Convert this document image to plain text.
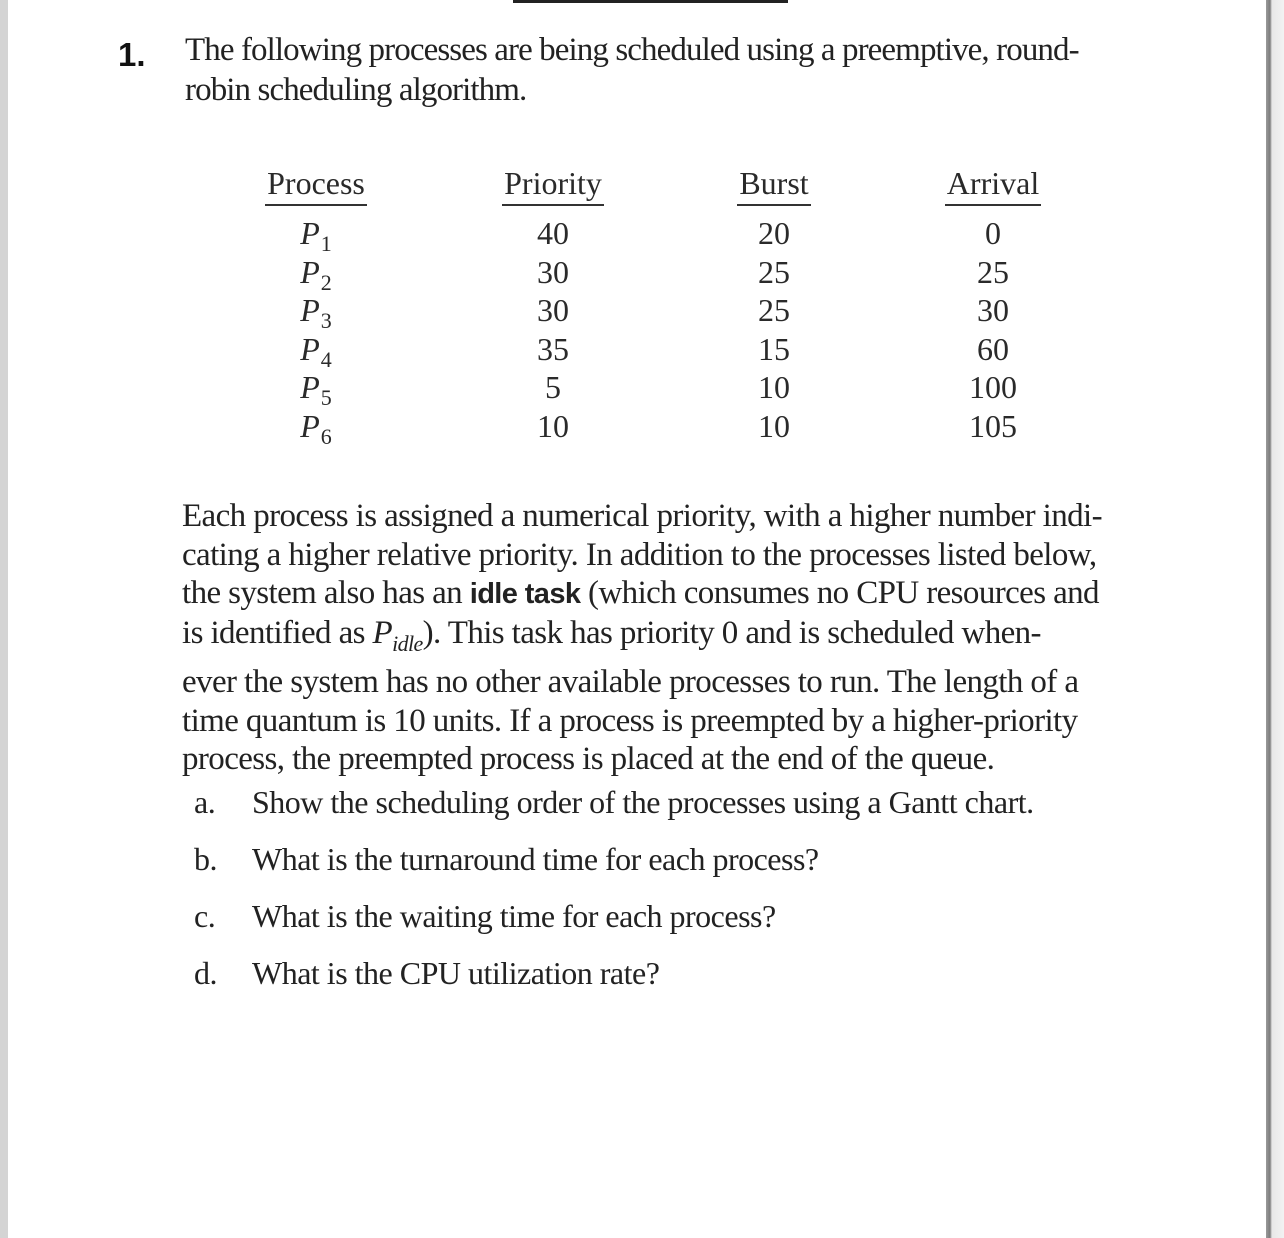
1. The following processes are being scheduled using a preemptive, round-
robin scheduling algorithm.
Process
$P_1$
$P_2$
$P_3$
$P_4$
$P_5$
$P_6$
Priority
40
30
30
35
5
10
Burst
20
25
25
15
10
10
Arrival
0
25
30
60
100
105
Each process is assigned a numerical priority, with a higher number indi-
cating a higher relative priority. In addition to the processes listed below,
the system also has an idle task (which consumes no CPU resources and
is identified as $P_{idle}$). This task has priority 0 and is scheduled when-
ever the system has no other available processes to run. The length of a
time quantum is 10 units. If a process is preempted by a higher-priority
process, the preempted process is placed at the end of the queue.
a. Show the scheduling order of the processes using a Gantt chart.
b. What is the turnaround time for each process?
c. What is the waiting time for each process?
d. What is the CPU utilization rate?
